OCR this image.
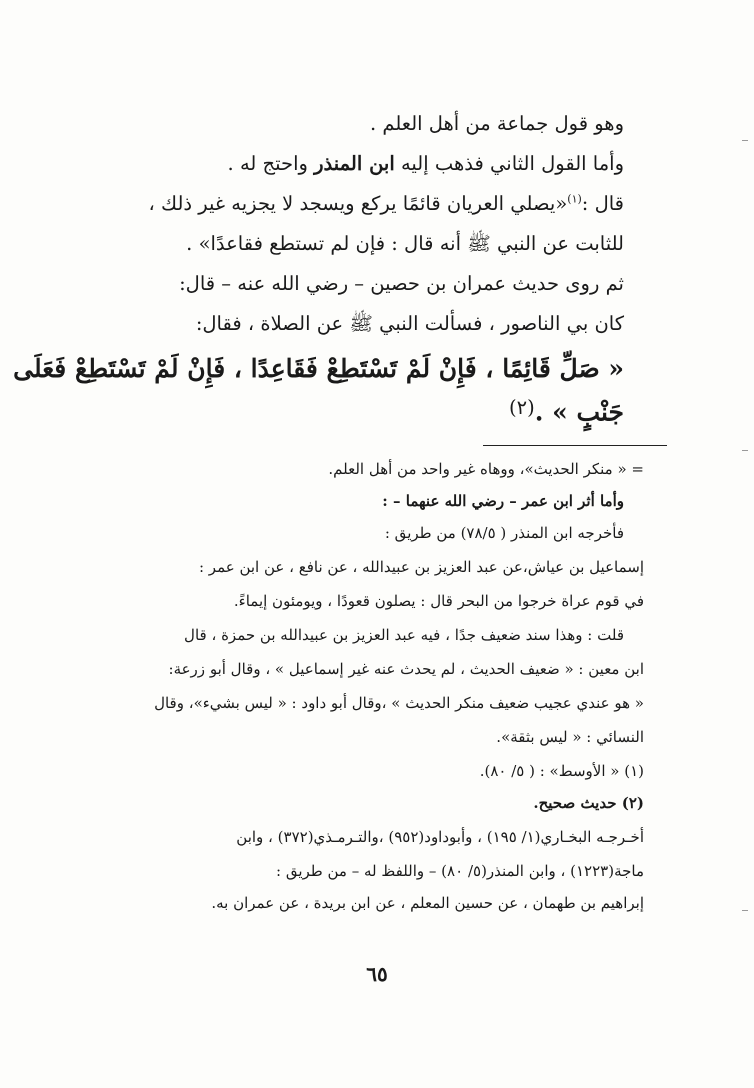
وهو قول جماعة من أهل العلم .
وأما القول الثاني فذهب إليه ابن المنذر واحتج له .
قال :$^{(١)}$«يصلي العريان قائمًا يركع ويسجد لا يجزيه غير ذلك ،
للثابت عن النبي ﷺ أنه قال : فإن لم تستطع فقاعدًا» .
ثم روى حديث عمران بن حصين – رضي الله عنه – قال:
كان بي الناصور ، فسألت النبي ﷺ عن الصلاة ، فقال:
« صَلِّ قَائِمًا ، فَإِنْ لَمْ تَسْتَطِعْ فَقَاعِدًا ، فَإِنْ لَمْ تَسْتَطِعْ فَعَلَى
جَنْبٍ » .$^{(٢)}$
= « منكر الحديث»، ووهاه غير واحد من أهل العلم.
وأما أثر ابن عمر – رضي الله عنهما – :
فأخرجه ابن المنذر ( ٧٨/٥) من طريق :
إسماعيل بن عياش،عن عبد العزيز بن عبيدالله ، عن نافع ، عن ابن عمر :
في قوم عراة خرجوا من البحر قال : يصلون قعودًا ، ويومئون إيماءً.
قلت : وهذا سند ضعيف جدًا ، فيه عبد العزيز بن عبيدالله بن حمزة ، قال
ابن معين : « ضعيف الحديث ، لم يحدث عنه غير إسماعيل » ، وقال أبو زرعة:
« هو عندي عجيب ضعيف منكر الحديث » ،وقال أبو داود : « ليس بشيء»، وقال
النسائي : « ليس بثقة».
(١) « الأوسط» : ( ٥/ ٨٠).
(٢) حديث صحيح.
أخـرجـه البخـاري(١/ ١٩٥) ، وأبوداود(٩٥٢) ،والتـرمـذي(٣٧٢) ، وابن
ماجة(١٢٢٣) ، وابن المنذر(٥/ ٨٠) – واللفظ له – من طريق :
إبراهيم بن طهمان ، عن حسين المعلم ، عن ابن بريدة ، عن عمران به.
٦٥
